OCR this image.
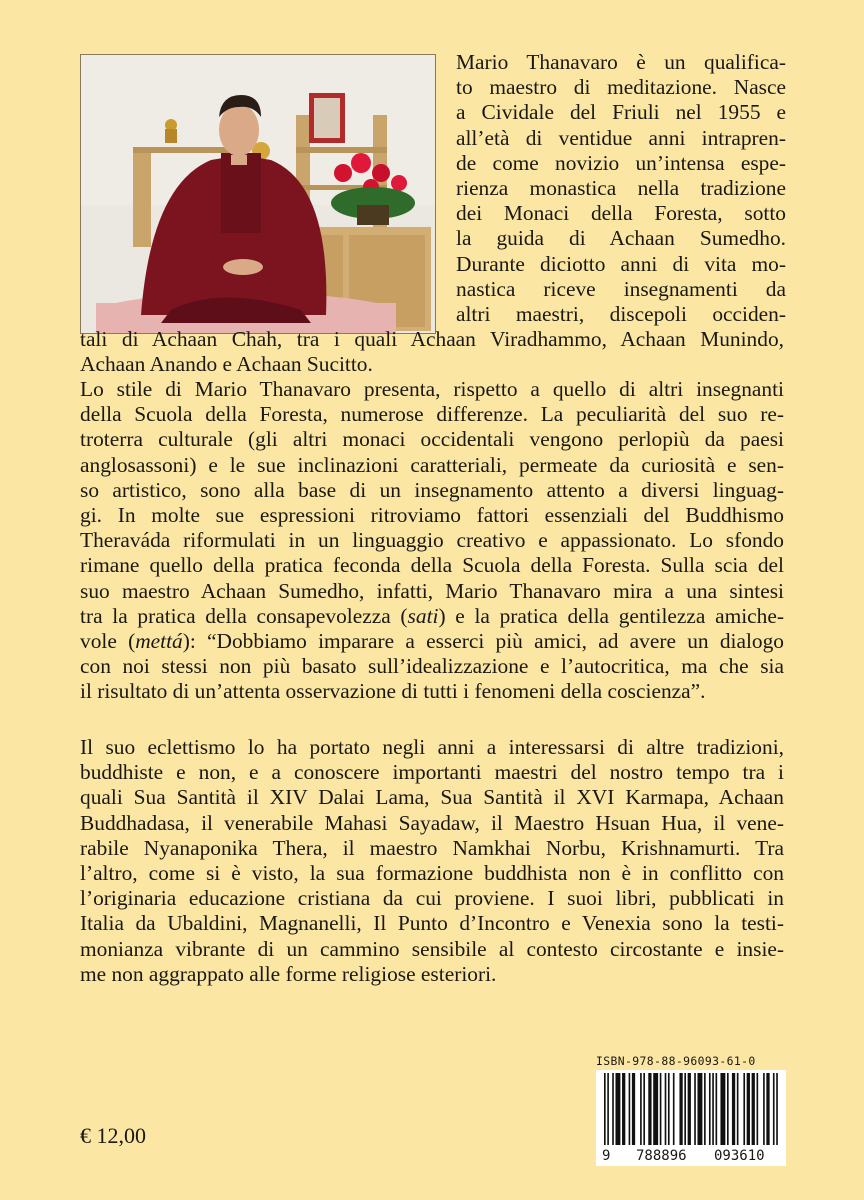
Mario Thanavaro è un qualifica-
to maestro di meditazione. Nasce
a Cividale del Friuli nel 1955 e
all’età di ventidue anni intrapren-
de come novizio un’intensa espe-
rienza monastica nella tradizione
dei Monaci della Foresta, sotto
la guida di Achaan Sumedho.
Durante diciotto anni di vita mo-
nastica riceve insegnamenti da
altri maestri, discepoli occiden-
tali di Achaan Chah, tra i quali Achaan Viradhammo, Achaan Munindo,
Achaan Anando e Achaan Sucitto.
Lo stile di Mario Thanavaro presenta, rispetto a quello di altri insegnanti
della Scuola della Foresta, numerose differenze. La peculiarità del suo re-
troterra culturale (gli altri monaci occidentali vengono perlopiù da paesi
anglosassoni) e le sue inclinazioni caratteriali, permeate da curiosità e sen-
so artistico, sono alla base di un insegnamento attento a diversi linguag-
gi. In molte sue espressioni ritroviamo fattori essenziali del Buddhismo
Theraváda riformulati in un linguaggio creativo e appassionato. Lo sfondo
rimane quello della pratica feconda della Scuola della Foresta. Sulla scia del
suo maestro Achaan Sumedho, infatti, Mario Thanavaro mira a una sintesi
tra la pratica della consapevolezza (sati) e la pratica della gentilezza amiche-
vole (mettá): “Dobbiamo imparare a esserci più amici, ad avere un dialogo
con noi stessi non più basato sull’idealizzazione e l’autocritica, ma che sia
il risultato di un’attenta osservazione di tutti i fenomeni della coscienza”.
Il suo eclettismo lo ha portato negli anni a interessarsi di altre tradizioni,
buddhiste e non, e a conoscere importanti maestri del nostro tempo tra i
quali Sua Santità il XIV Dalai Lama, Sua Santità il XVI Karmapa, Achaan
Buddhadasa, il venerabile Mahasi Sayadaw, il Maestro Hsuan Hua, il vene-
rabile Nyanaponika Thera, il maestro Namkhai Norbu, Krishnamurti. Tra
l’altro, come si è visto, la sua formazione buddhista non è in conflitto con
l’originaria educazione cristiana da cui proviene. I suoi libri, pubblicati in
Italia da Ubaldini, Magnanelli, Il Punto d’Incontro e Venexia sono la testi-
monianza vibrante di un cammino sensibile al contesto circostante e insie-
me non aggrappato alle forme religiose esteriori.
ISBN-978-88-96093-61-0
9 788896 093610
€ 12,00
